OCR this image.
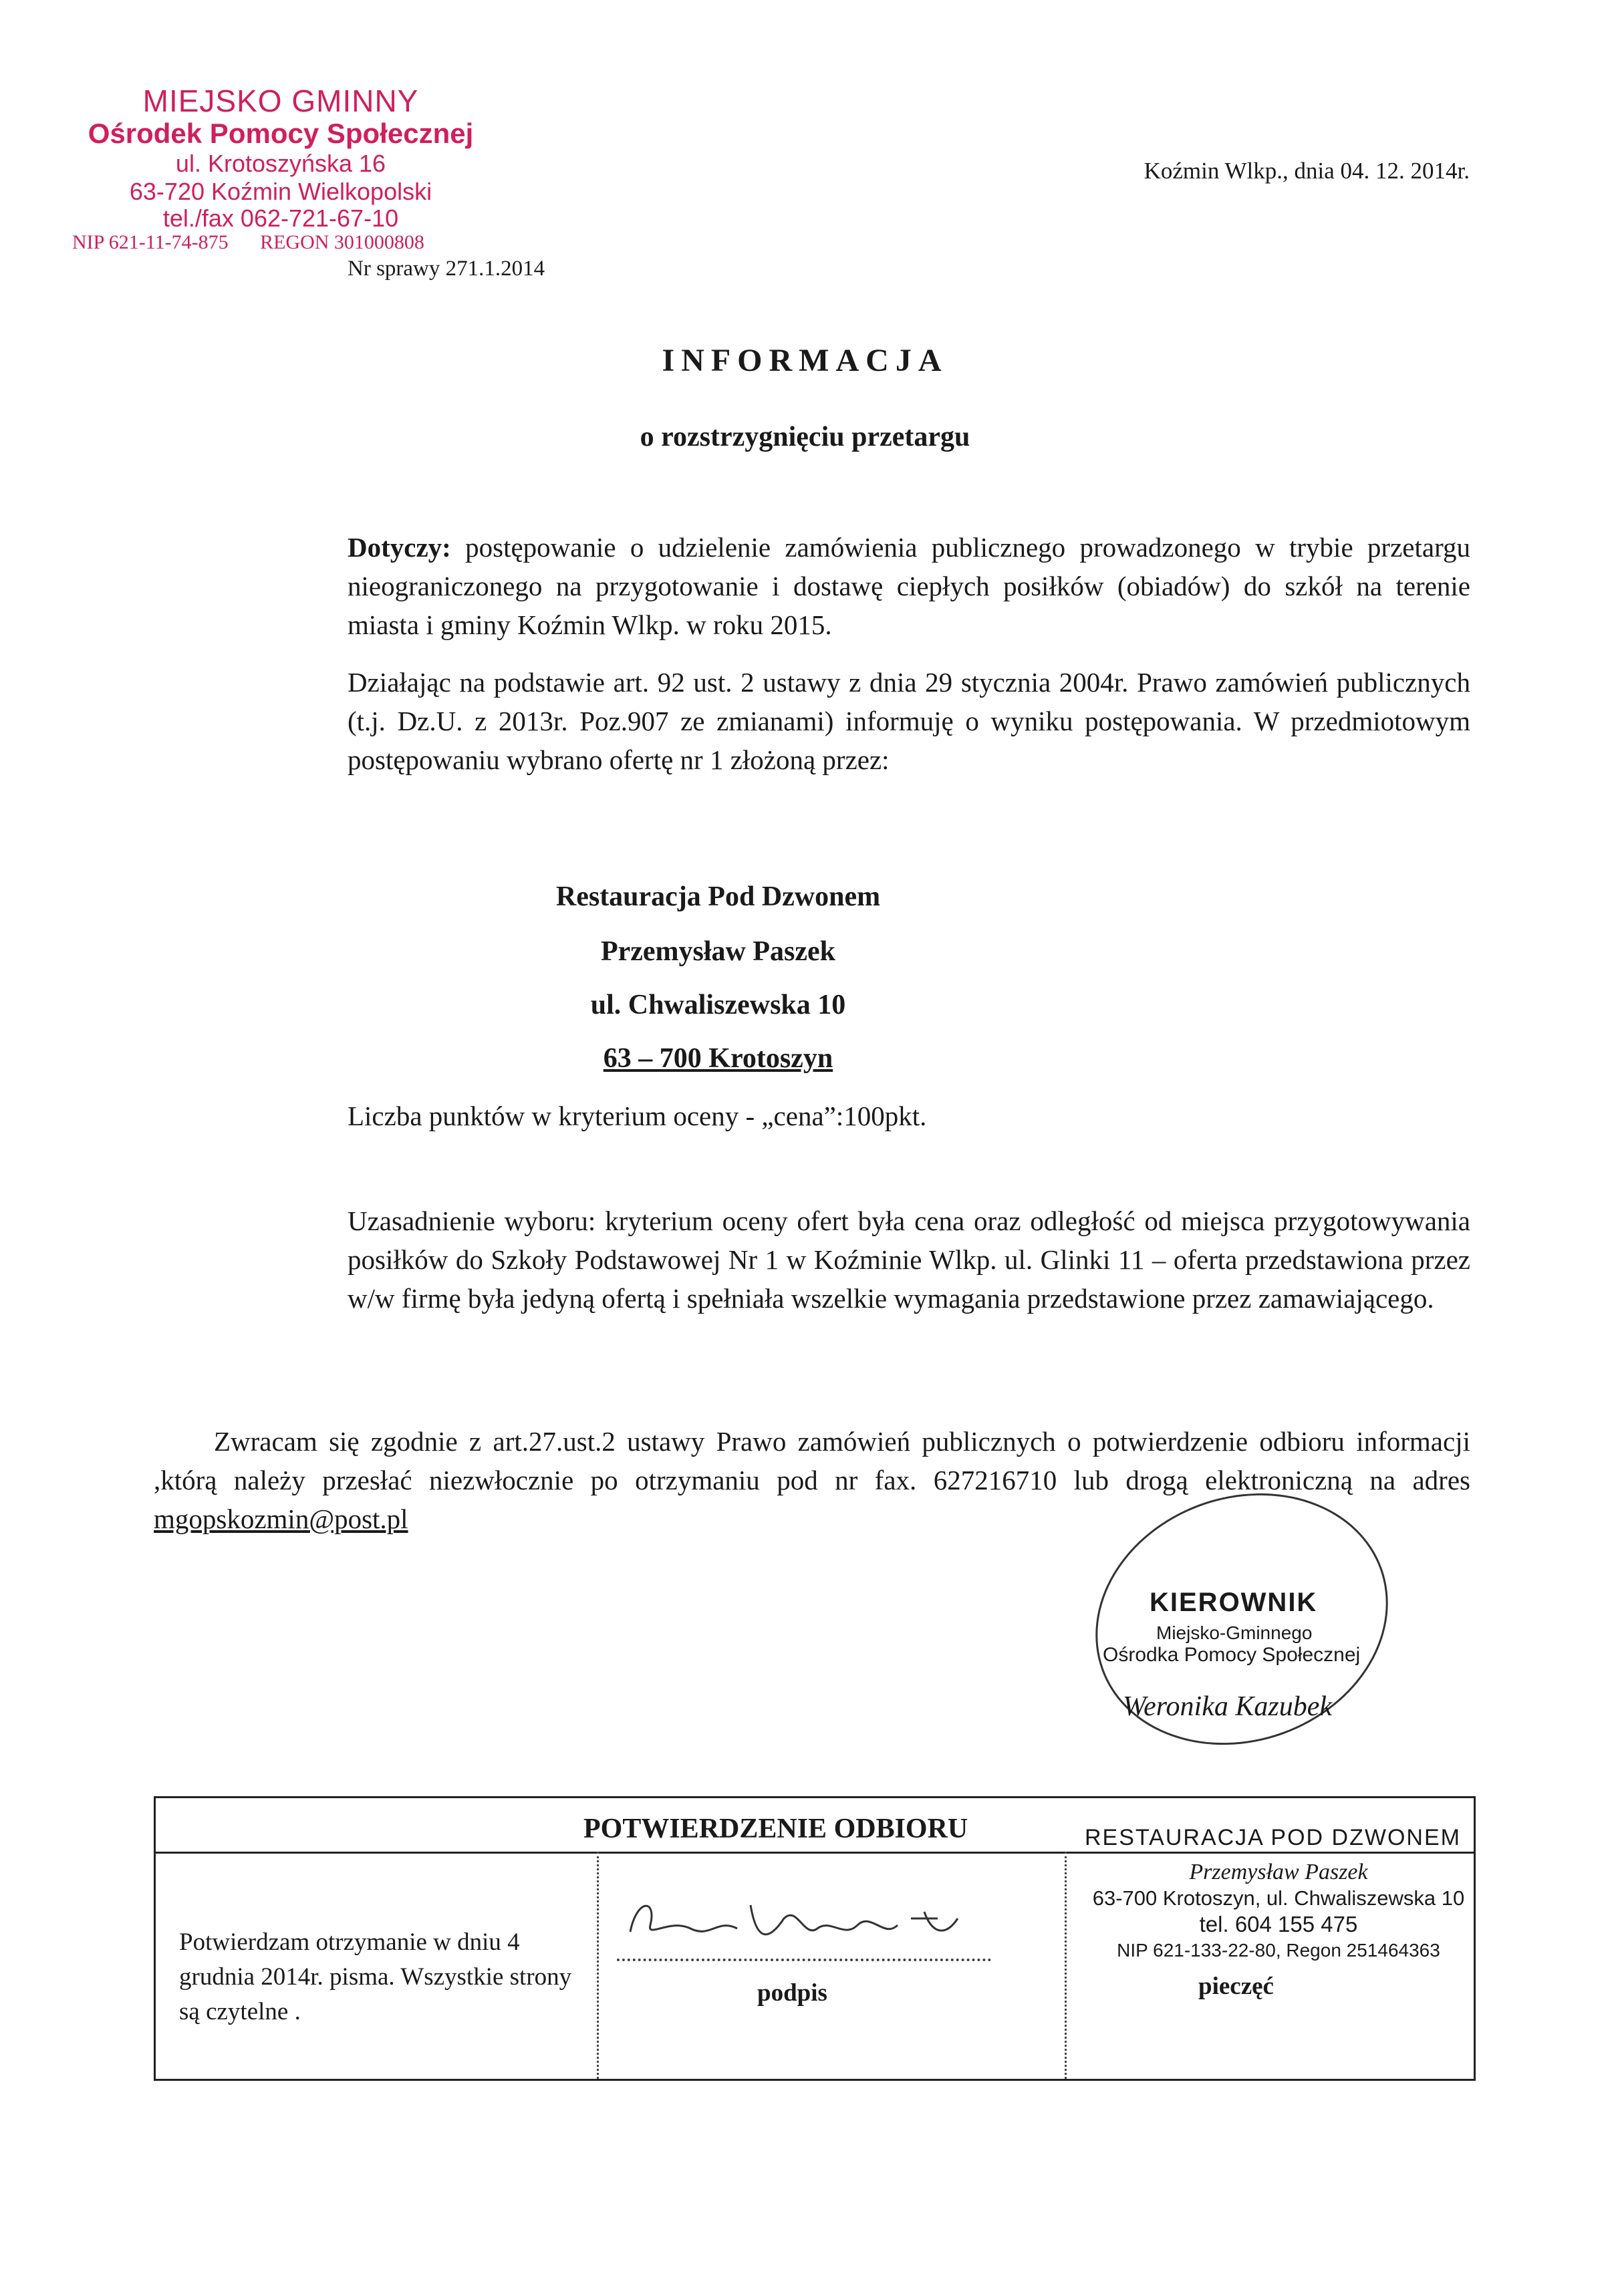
MIEJSKO GMINNY
Ośrodek Pomocy Społecznej
ul. Krotoszyńska 16
63-720 Koźmin Wielkopolski
tel./fax 062-721-67-10
NIP 621-11-74-875 REGON 301000808
Nr sprawy 271.1.2014
Koźmin Wlkp., dnia 04. 12. 2014r.
INFORMACJA
o rozstrzygnięciu przetargu
Dotyczy: postępowanie o udzielenie zamówienia publicznego prowadzonego w trybie przetargu nieograniczonego na przygotowanie i dostawę ciepłych posiłków (obiadów) do szkół na terenie miasta i gminy Koźmin Wlkp. w roku 2015.
Działając na podstawie art. 92 ust. 2 ustawy z dnia 29 stycznia 2004r. Prawo zamówień publicznych (t.j. Dz.U. z 2013r. Poz.907 ze zmianami) informuję o wyniku postępowania. W przedmiotowym postępowaniu wybrano ofertę nr 1 złożoną przez:
Restauracja Pod Dzwonem
Przemysław Paszek
ul. Chwaliszewska 10
63 – 700 Krotoszyn
Liczba punktów w kryterium oceny - „cena”:100pkt.
Uzasadnienie wyboru: kryterium oceny ofert była cena oraz odległość od miejsca przygotowywania posiłków do Szkoły Podstawowej Nr 1 w Koźminie Wlkp. ul. Glinki 11 – oferta przedstawiona przez w/w firmę była jedyną ofertą i spełniała wszelkie wymagania przedstawione przez zamawiającego.
Zwracam się zgodnie z art.27.ust.2 ustawy Prawo zamówień publicznych o potwierdzenie odbioru informacji ,którą należy przesłać niezwłocznie po otrzymaniu pod nr fax. 627216710 lub drogą elektroniczną na adres mgopskozmin@post.pl
KIEROWNIK
Miejsko-Gminnego
Ośrodka Pomocy Społecznej
Weronika Kazubek
POTWIERDZENIE ODBIORU	RESTAURACJA POD DZWONEM
Potwierdzam otrzymanie w dniu 4 grudnia 2014r. pisma. Wszystkie strony są czytelne .
podpis
Przemysław Paszek
63-700 Krotoszyn, ul. Chwaliszewska 10
tel. 604 155 475
NIP 621-133-22-80, Regon 251464363
pieczęć
